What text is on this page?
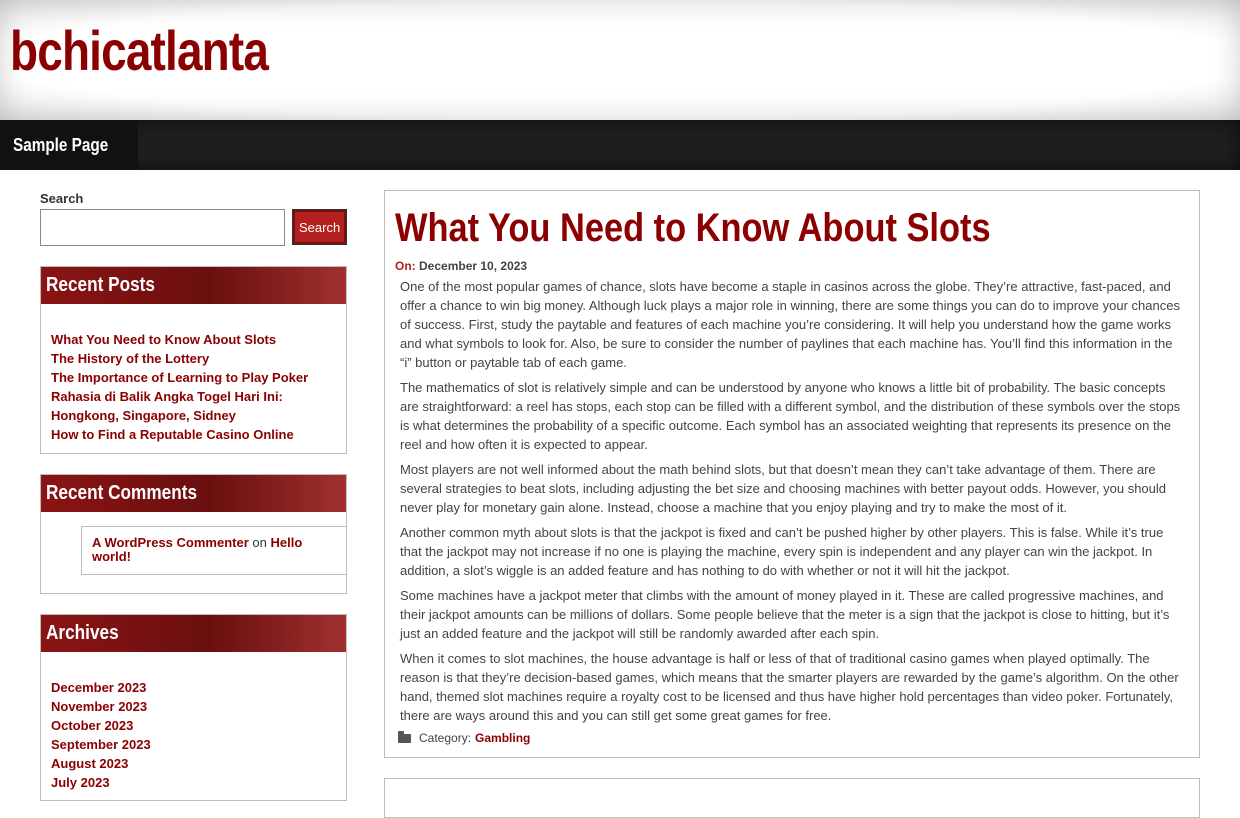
bchicatlanta
Sample Page
Search
Search
Recent Posts
What You Need to Know About Slots
The History of the Lottery
The Importance of Learning to Play Poker
Rahasia di Balik Angka Togel Hari Ini: Hongkong, Singapore, Sidney
How to Find a Reputable Casino Online
Recent Comments
A WordPress Commenter on Hello world!
Archives
December 2023
November 2023
October 2023
September 2023
August 2023
July 2023
What You Need to Know About Slots
On: December 10, 2023

One of the most popular games of chance, slots have become a staple in casinos across the globe. They’re attractive, fast-paced, and offer a chance to win big money. Although luck plays a major role in winning, there are some things you can do to improve your chances of success. First, study the paytable and features of each machine you’re considering. It will help you understand how the game works and what symbols to look for. Also, be sure to consider the number of paylines that each machine has. You’ll find this information in the “i” button or paytable tab of each game.

The mathematics of slot is relatively simple and can be understood by anyone who knows a little bit of probability. The basic concepts are straightforward: a reel has stops, each stop can be filled with a different symbol, and the distribution of these symbols over the stops is what determines the probability of a specific outcome. Each symbol has an associated weighting that represents its presence on the reel and how often it is expected to appear.

Most players are not well informed about the math behind slots, but that doesn’t mean they can’t take advantage of them. There are several strategies to beat slots, including adjusting the bet size and choosing machines with better payout odds. However, you should never play for monetary gain alone. Instead, choose a machine that you enjoy playing and try to make the most of it.

Another common myth about slots is that the jackpot is fixed and can’t be pushed higher by other players. This is false. While it’s true that the jackpot may not increase if no one is playing the machine, every spin is independent and any player can win the jackpot. In addition, a slot’s wiggle is an added feature and has nothing to do with whether or not it will hit the jackpot.

Some machines have a jackpot meter that climbs with the amount of money played in it. These are called progressive machines, and their jackpot amounts can be millions of dollars. Some people believe that the meter is a sign that the jackpot is close to hitting, but it’s just an added feature and the jackpot will still be randomly awarded after each spin.

When it comes to slot machines, the house advantage is half or less of that of traditional casino games when played optimally. The reason is that they’re decision-based games, which means that the smarter players are rewarded by the game’s algorithm. On the other hand, themed slot machines require a royalty cost to be licensed and thus have higher hold percentages than video poker. Fortunately, there are ways around this and you can still get some great games for free.

Category: Gambling
